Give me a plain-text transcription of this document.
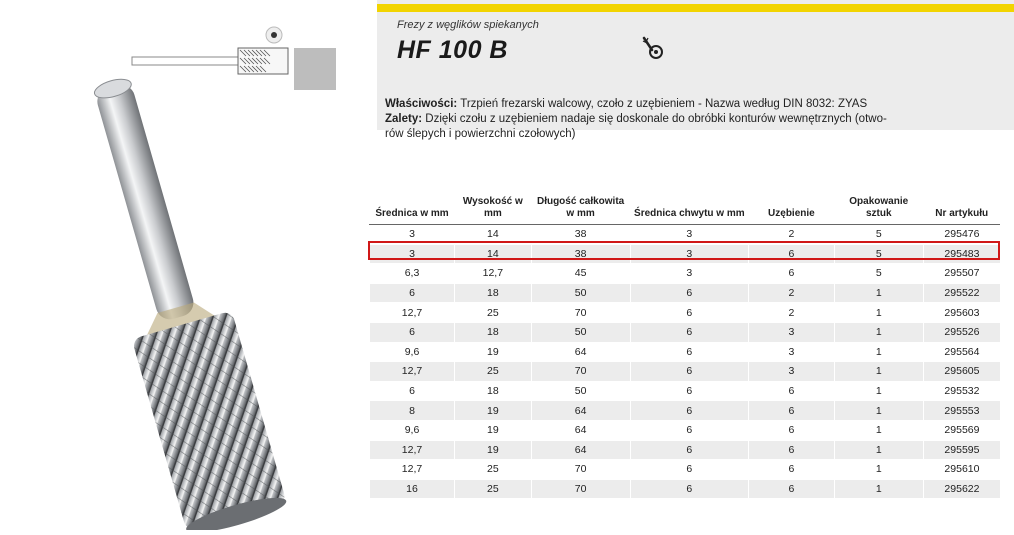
Frezy z węglików spiekanych
HF 100 B
Właściwości: Trzpień frezarski walcowy, czoło z uzębieniem - Nazwa według DIN 8032: ZYAS
Zalety: Dzięki czołu z uzębieniem nadaje się doskonale do obróbki konturów wewnętrznych (otwo- rów ślepych i powierzchni czołowych)
Średnica w mm	Wysokość w mm	Długość całkowita w mm	Średnica chwytu w mm	Uzębienie	Opakowanie sztuk	Nr artykułu
3	14	38	3	2	5	295476
3	14	38	3	6	5	295483
6,3	12,7	45	3	6	5	295507
6	18	50	6	2	1	295522
12,7	25	70	6	2	1	295603
6	18	50	6	3	1	295526
9,6	19	64	6	3	1	295564
12,7	25	70	6	3	1	295605
6	18	50	6	6	1	295532
8	19	64	6	6	1	295553
9,6	19	64	6	6	1	295569
12,7	19	64	6	6	1	295595
12,7	25	70	6	6	1	295610
16	25	70	6	6	1	295622
